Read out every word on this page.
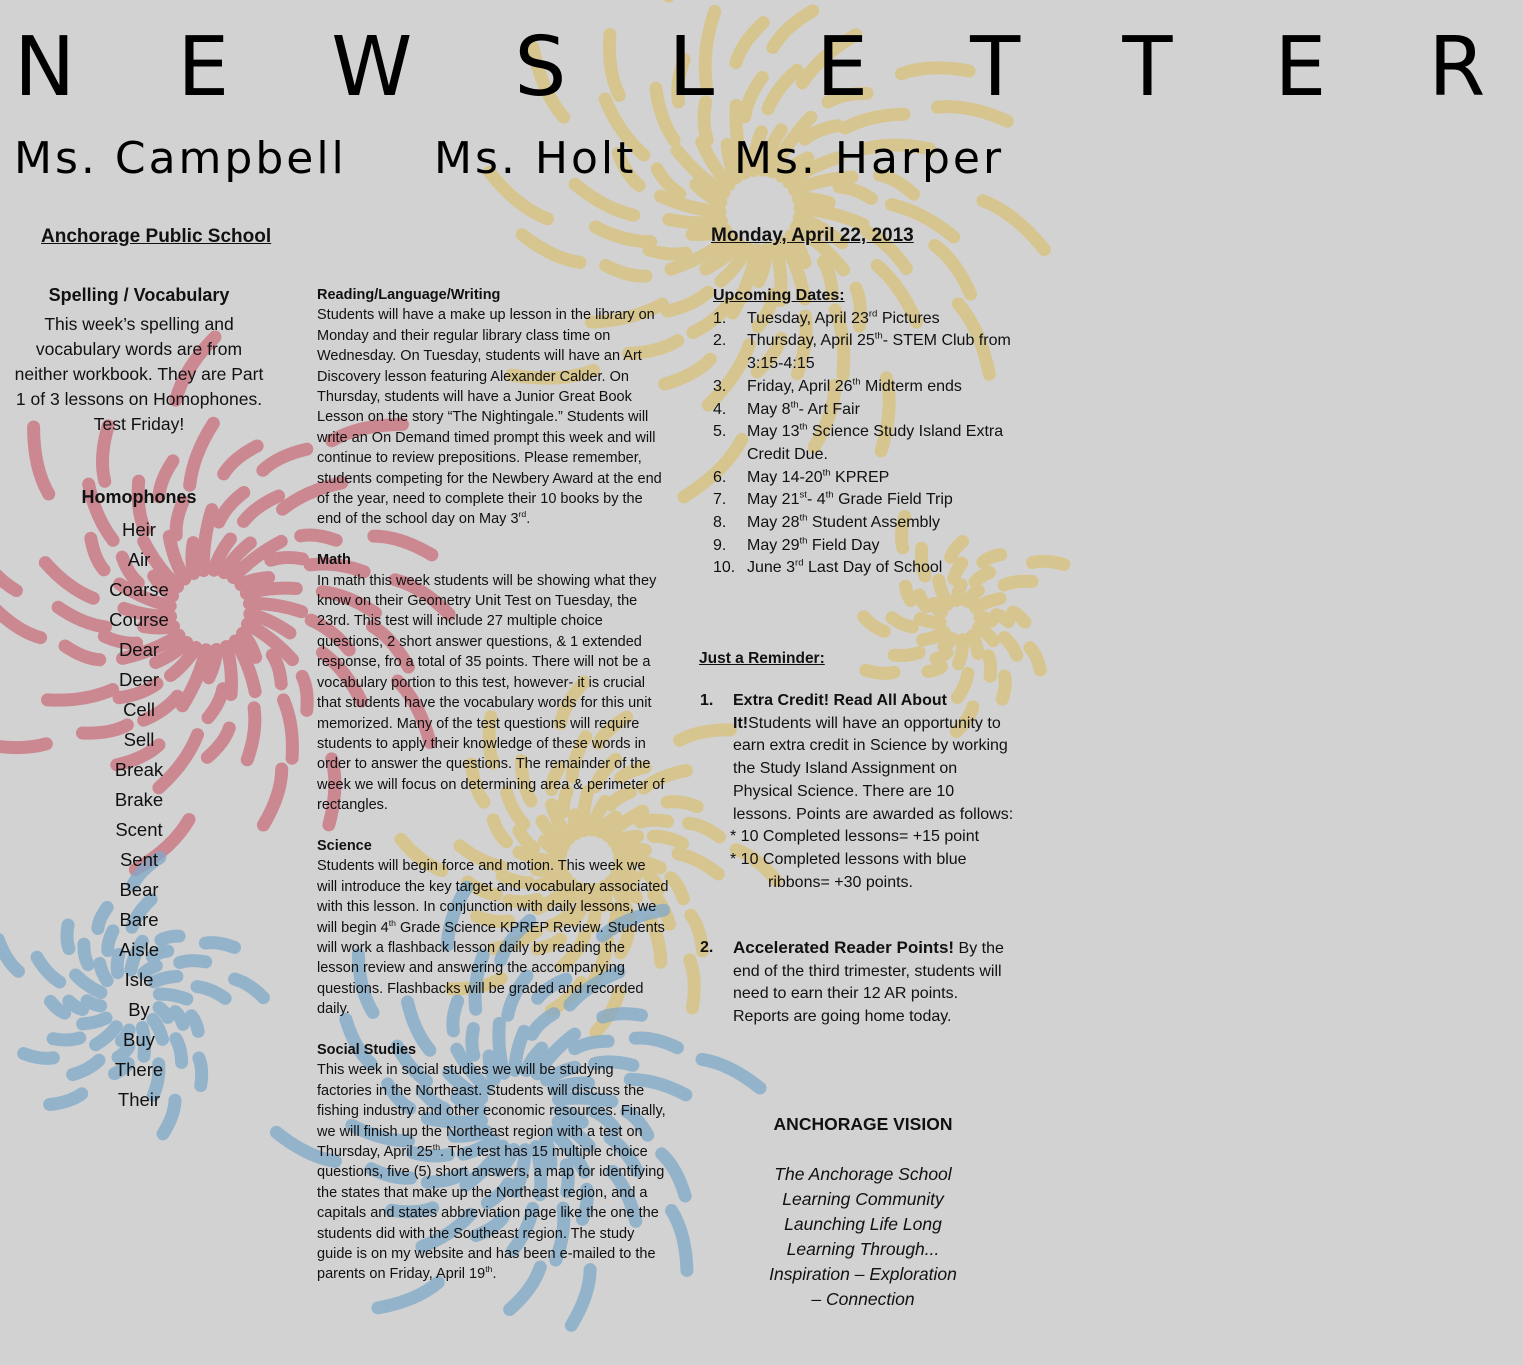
N E W S L E T T E R
Ms. Campbell Ms. Holt Ms. Harper
Anchorage Public School	Monday, April 22, 2013
Spelling / Vocabulary

This week’s spelling and vocabulary words are from neither workbook. They are Part 1 of 3 lessons on Homophones. Test Friday!

Homophones
Heir
Air
Coarse
Course
Dear
Deer
Cell
Sell
Break
Brake
Scent
Sent
Bear
Bare
Aisle
Isle
By
Buy
There
Their
Reading/Language/Writing
Students will have a make up lesson in the library on Monday and their regular library class time on Wednesday. On Tuesday, students will have an Art Discovery lesson featuring Alexander Calder. On Thursday, students will have a Junior Great Book Lesson on the story “The Nightingale.” Students will write an On Demand timed prompt this week and will continue to review prepositions. Please remember, students competing for the Newbery Award at the end of the year, need to complete their 10 books by the end of the school day on May 3rd.
Math
In math this week students will be showing what they know on their Geometry Unit Test on Tuesday, the 23rd. This test will include 27 multiple choice questions, 2 short answer questions, & 1 extended response, fro a total of 35 points. There will not be a vocabulary portion to this test, however- it is crucial that students have the vocabulary words for this unit memorized. Many of the test questions will require students to apply their knowledge of these words in order to answer the questions. The remainder of the week we will focus on determining area & perimeter of rectangles.
Science
Students will begin force and motion. This week we will introduce the key target and vocabulary associated with this lesson. In conjunction with daily lessons, we will begin 4th Grade Science KPREP Review. Students will work a flashback lesson daily by reading the lesson review and answering the accompanying questions. Flashbacks will be graded and recorded daily.
Social Studies
This week in social studies we will be studying factories in the Northeast. Students will discuss the fishing industry and other economic resources. Finally, we will finish up the Northeast region with a test on Thursday, April 25th. The test has 15 multiple choice questions, five (5) short answers, a map for identifying the states that make up the Northeast region, and a capitals and states abbreviation page like the one the students did with the Southeast region. The study guide is on my website and has been e-mailed to the parents on Friday, April 19th.
Upcoming Dates:
1.	Tuesday, April 23rd Pictures
2.	Thursday, April 25th- STEM Club from 3:15-4:15
3.	Friday, April 26th Midterm ends
4.	May 8th- Art Fair
5.	May 13th Science Study Island Extra Credit Due.
6.	May 14-20th KPREP
7.	May 21st- 4th Grade Field Trip
8.	May 28th Student Assembly
9.	May 29th Field Day
10. June 3rd Last Day of School
Just a Reminder:
1.	Extra Credit! Read All About It!Students will have an opportunity to earn extra credit in Science by working the Study Island Assignment on Physical Science. There are 10 lessons. Points are awarded as follows:
* 10 Completed lessons= +15 point
* 10 Completed lessons with blue
ribbons= +30 points.
2.	Accelerated Reader Points! By the end of the third trimester, students will need to earn their 12 AR points. Reports are going home today.
ANCHORAGE VISION
The Anchorage School
Learning Community
Launching Life Long
Learning Through...
Inspiration – Exploration
– Connection
